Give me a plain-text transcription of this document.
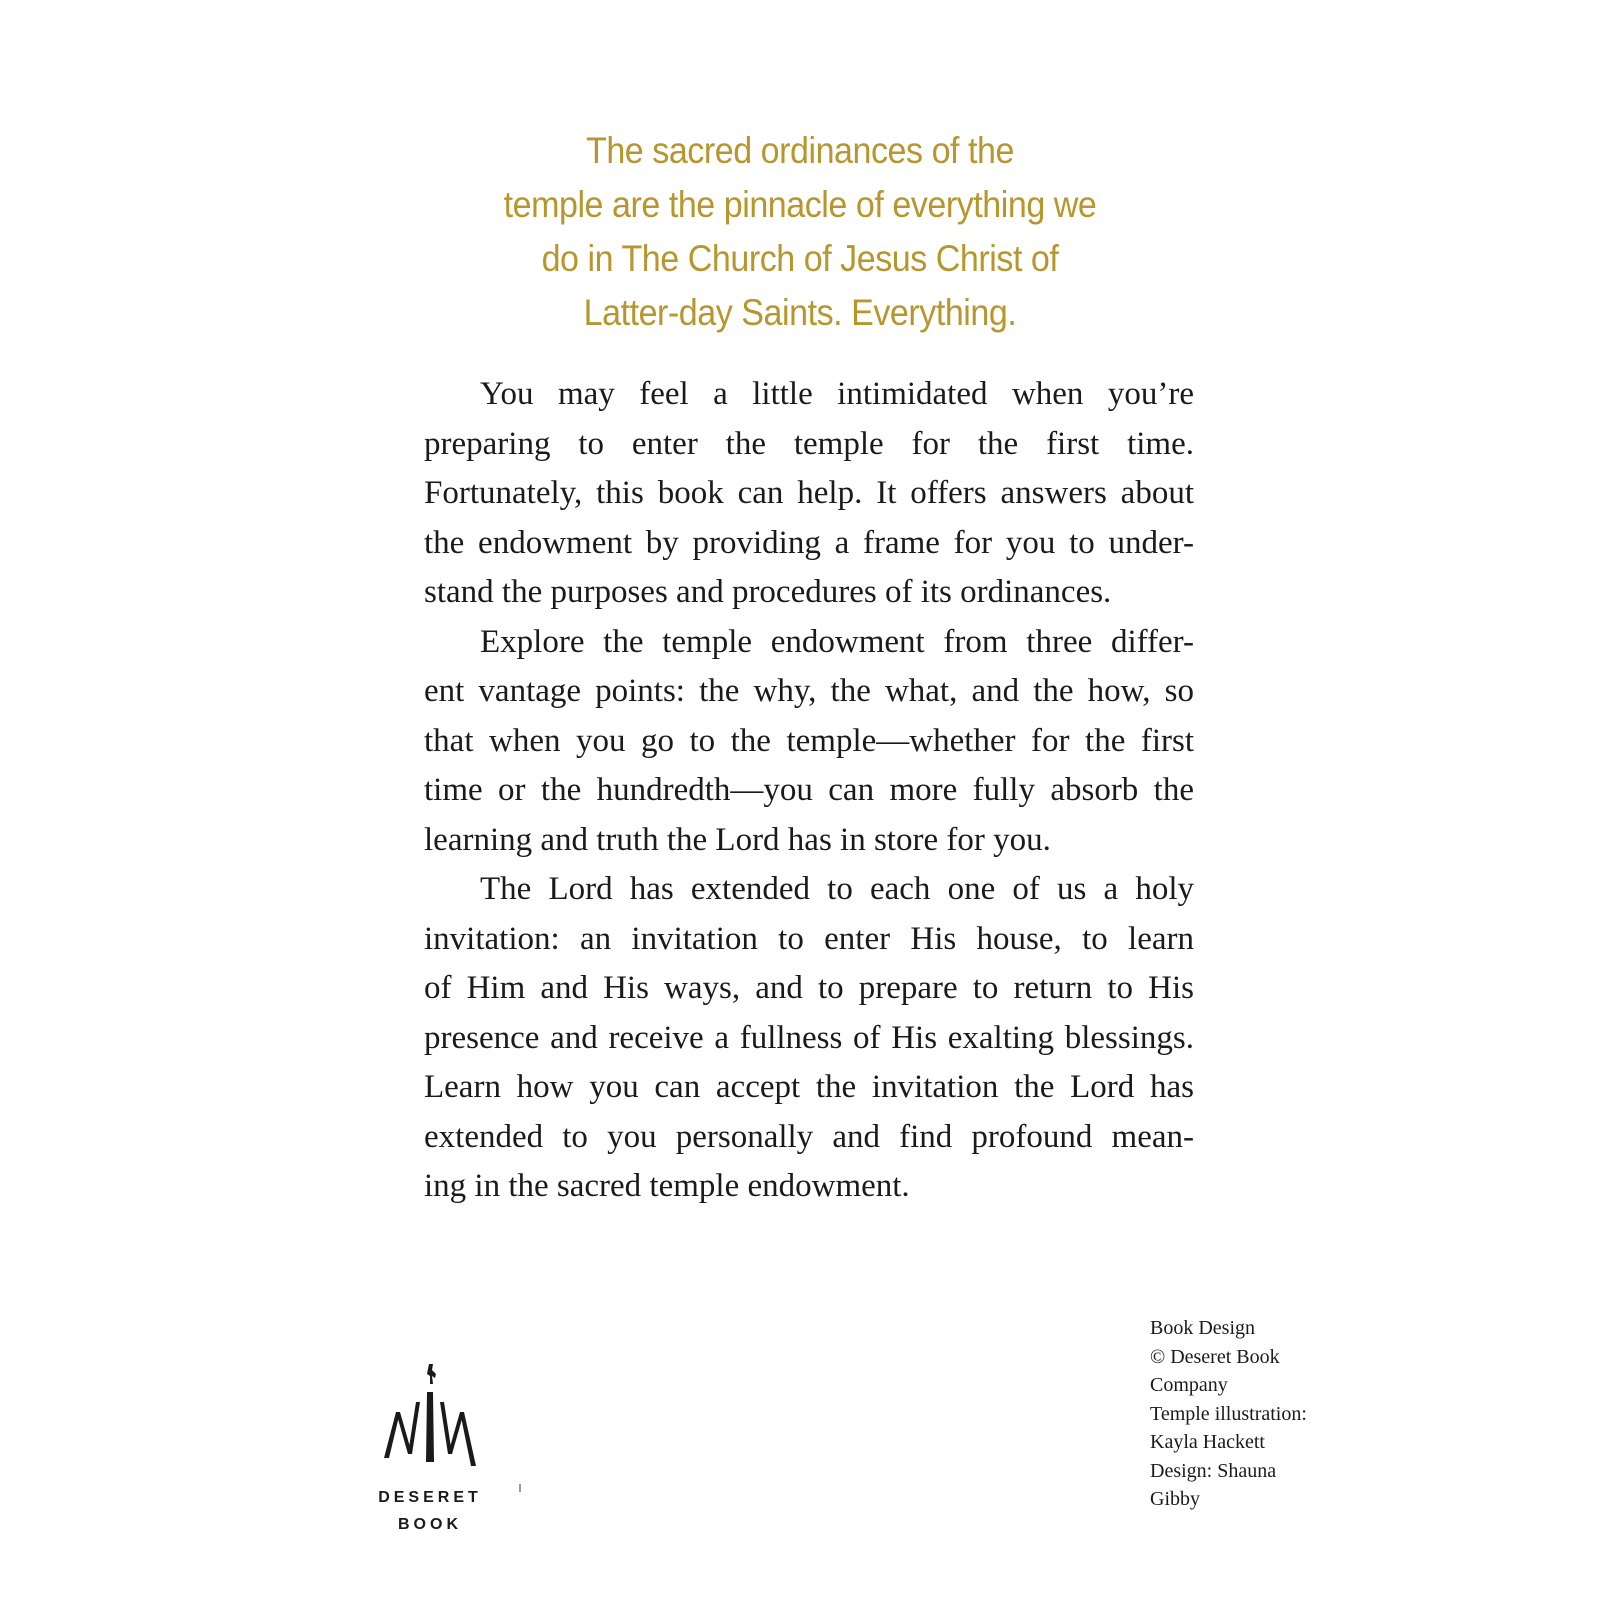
The sacred ordinances of the
temple are the pinnacle of everything we
do in The Church of Jesus Christ of
Latter-day Saints. Everything.
You may feel a little intimidated when you’re
preparing to enter the temple for the first time.
Fortunately, this book can help. It offers answers about
the endowment by providing a frame for you to under-
stand the purposes and procedures of its ordinances.
Explore the temple endowment from three differ-
ent vantage points: the why, the what, and the how, so
that when you go to the temple—whether for the first
time or the hundredth—you can more fully absorb the
learning and truth the Lord has in store for you.
The Lord has extended to each one of us a holy
invitation: an invitation to enter His house, to learn
of Him and His ways, and to prepare to return to His
presence and receive a fullness of His exalting blessings.
Learn how you can accept the invitation the Lord has
extended to you personally and find profound mean-
ing in the sacred temple endowment.
DESERET
BOOK
Book Design
© Deseret Book
Company
Temple illustration:
Kayla Hackett
Design: Shauna
Gibby
